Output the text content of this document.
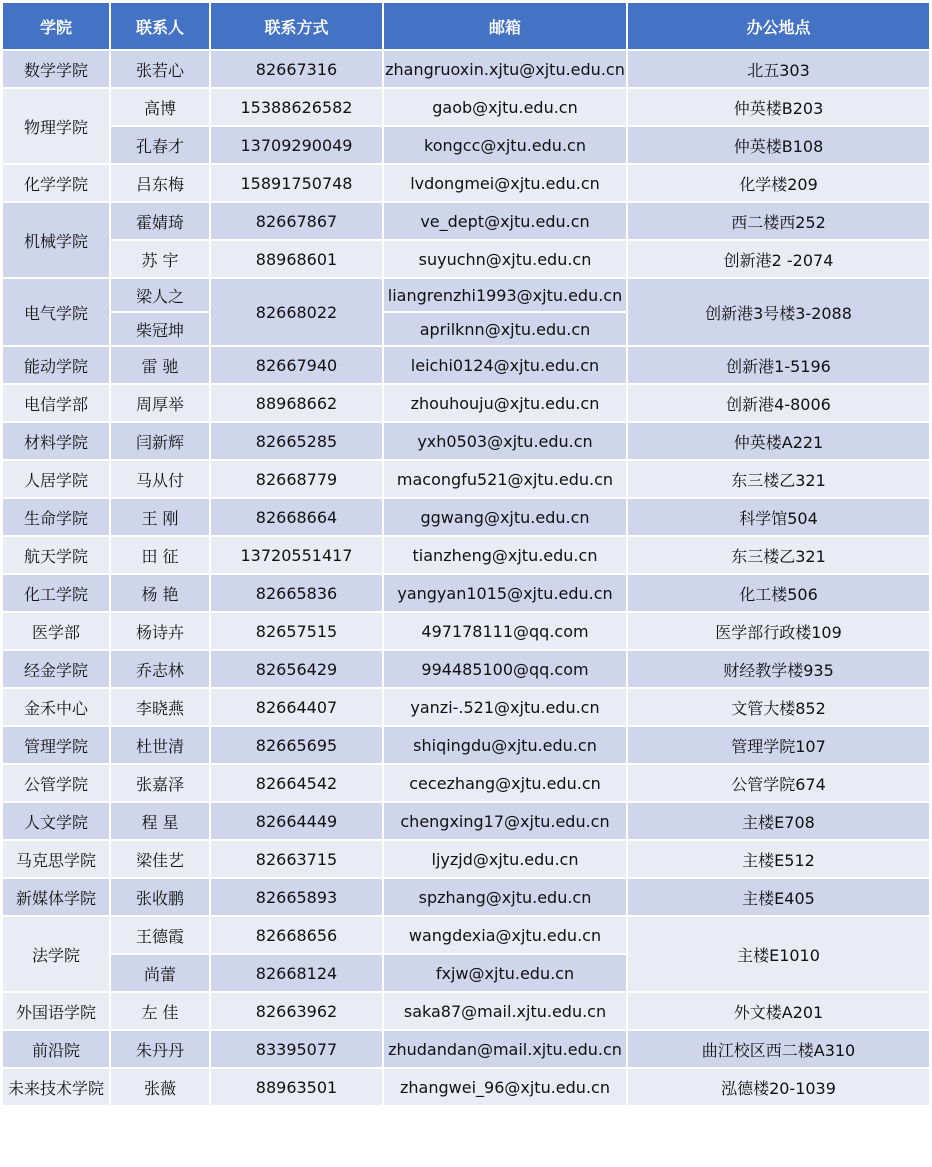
学院	联系人	联系方式	邮箱	办公地点
数学学院	张若心	82667316	zhangruoxin.xjtu@xjtu.edu.cn	北五303
物理学院	高博	15388626582	gaob@xjtu.edu.cn	仲英楼B203
	孔春才	13709290049	kongcc@xjtu.edu.cn	仲英楼B108
化学学院	吕东梅	15891750748	lvdongmei@xjtu.edu.cn	化学楼209
机械学院	霍婧琦	82667867	ve_dept@xjtu.edu.cn	西二楼西252
	苏 宇	88968601	suyuchn@xjtu.edu.cn	创新港2 -2074
电气学院	梁人之	82668022	liangrenzhi1993@xjtu.edu.cn	创新港3号楼3-2088
	柴冠坤		aprilknn@xjtu.edu.cn	
能动学院	雷 驰	82667940	leichi0124@xjtu.edu.cn	创新港1-5196
电信学部	周厚举	88968662	zhouhouju@xjtu.edu.cn	创新港4-8006
材料学院	闫新辉	82665285	yxh0503@xjtu.edu.cn	仲英楼A221
人居学院	马从付	82668779	macongfu521@xjtu.edu.cn	东三楼乙321
生命学院	王 刚	82668664	ggwang@xjtu.edu.cn	科学馆504
航天学院	田 征	13720551417	tianzheng@xjtu.edu.cn	东三楼乙321
化工学院	杨 艳	82665836	yangyan1015@xjtu.edu.cn	化工楼506
医学部	杨诗卉	82657515	497178111@qq.com	医学部行政楼109
经金学院	乔志林	82656429	994485100@qq.com	财经教学楼935
金禾中心	李晓燕	82664407	yanzi-.521@xjtu.edu.cn	文管大楼852
管理学院	杜世清	82665695	shiqingdu@xjtu.edu.cn	管理学院107
公管学院	张嘉泽	82664542	cecezhang@xjtu.edu.cn	公管学院674
人文学院	程 星	82664449	chengxing17@xjtu.edu.cn	主楼E708
马克思学院	梁佳艺	82663715	ljyzjd@xjtu.edu.cn	主楼E512
新媒体学院	张收鹏	82665893	spzhang@xjtu.edu.cn	主楼E405
法学院	王德霞	82668656	wangdexia@xjtu.edu.cn	主楼E1010
	尚蕾	82668124	fxjw@xjtu.edu.cn	
外国语学院	左 佳	82663962	saka87@mail.xjtu.edu.cn	外文楼A201
前沿院	朱丹丹	83395077	zhudandan@mail.xjtu.edu.cn	曲江校区西二楼A310
未来技术学院	张薇	88963501	zhangwei_96@xjtu.edu.cn	泓德楼20-1039
